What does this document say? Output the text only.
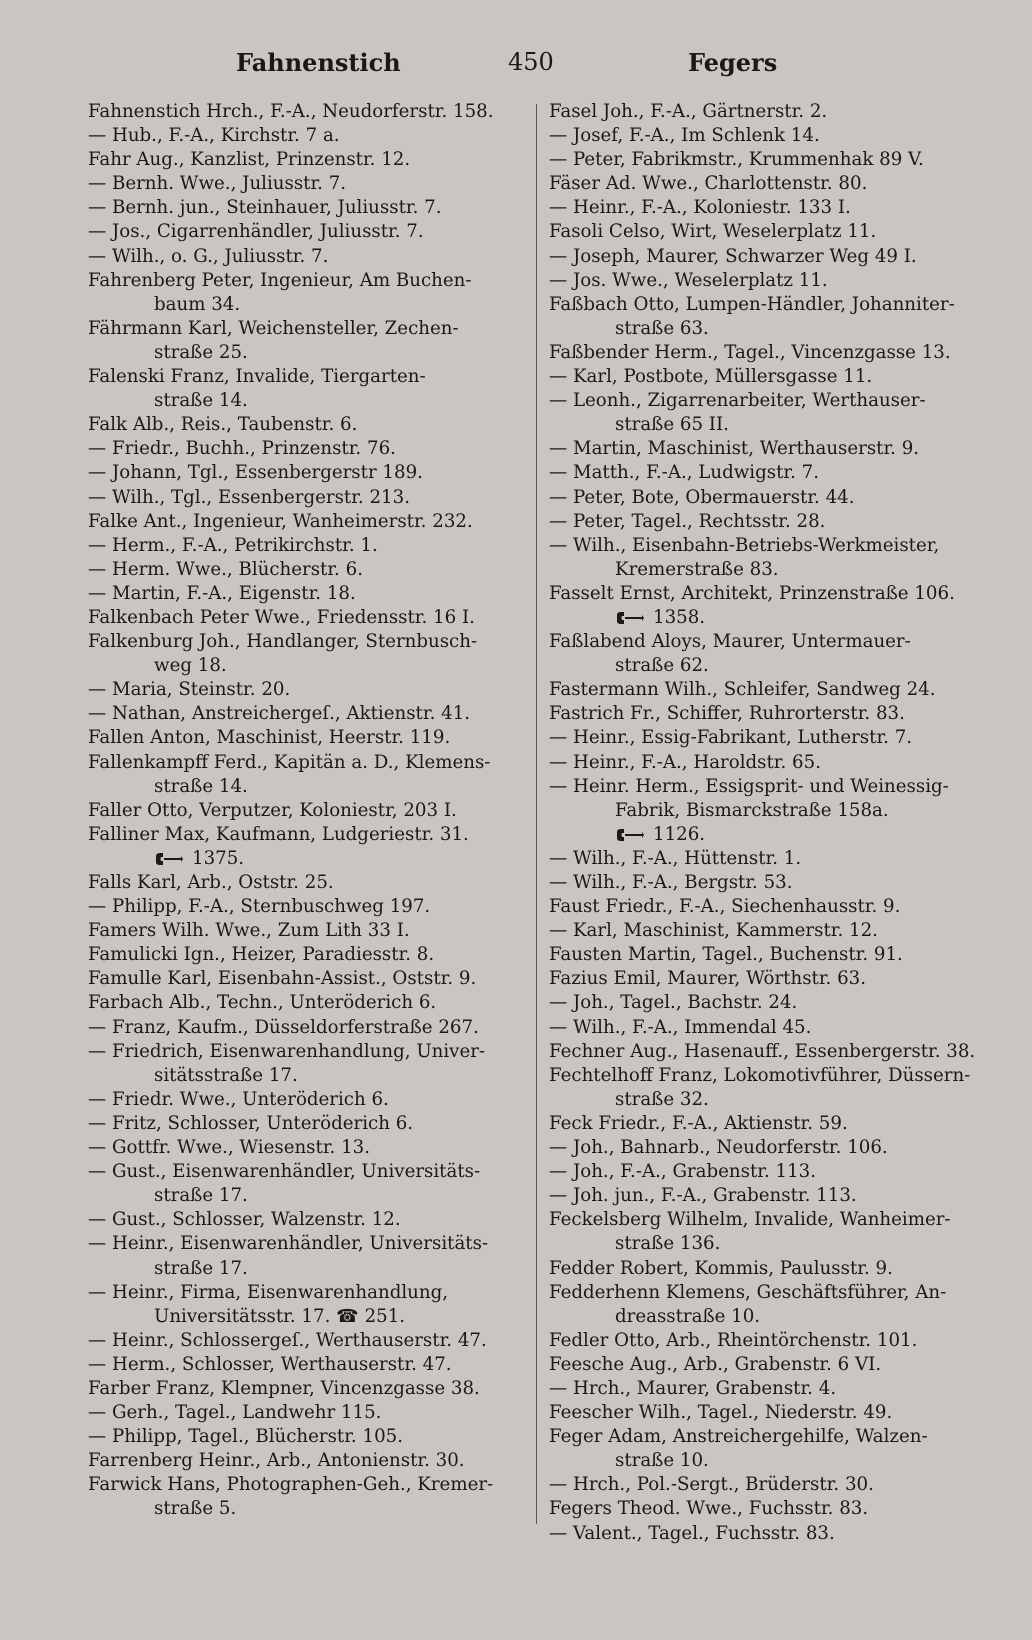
Fahnenstich	450	Fegers
Fahnenstich Hrch., F.-A., Neudorferstr. 158.
— Hub., F.-A., Kirchstr. 7 a.
Fahr Aug., Kanzlist, Prinzenstr. 12.
— Bernh. Wwe., Juliusstr. 7.
— Bernh. jun., Steinhauer, Juliusstr. 7.
— Jos., Cigarrenhändler, Juliusstr. 7.
— Wilh., o. G., Juliusstr. 7.
Fahrenberg Peter, Ingenieur, Am Buchen-
baum 34.
Fährmann Karl, Weichensteller, Zechen-
straße 25.
Falenski Franz, Invalide, Tiergarten-
straße 14.
Falk Alb., Reis., Taubenstr. 6.
— Friedr., Buchh., Prinzenstr. 76.
— Johann, Tgl., Essenbergerstr 189.
— Wilh., Tgl., Essenbergerstr. 213.
Falke Ant., Ingenieur, Wanheimerstr. 232.
— Herm., F.-A., Petrikirchstr. 1.
— Herm. Wwe., Blücherstr. 6.
— Martin, F.-A., Eigenstr. 18.
Falkenbach Peter Wwe., Friedensstr. 16 I.
Falkenburg Joh., Handlanger, Sternbusch-
weg 18.
— Maria, Steinstr. 20.
— Nathan, Anstreichergeſ., Aktienstr. 41.
Fallen Anton, Maschinist, Heerstr. 119.
Fallenkampff Ferd., Kapitän a. D., Klemens-
straße 14.
Faller Otto, Verputzer, Koloniestr, 203 I.
Falliner Max, Kaufmann, Ludgeriestr. 31.
1375.
Falls Karl, Arb., Oststr. 25.
— Philipp, F.-A., Sternbuschweg 197.
Famers Wilh. Wwe., Zum Lith 33 I.
Famulicki Ign., Heizer, Paradiesstr. 8.
Famulle Karl, Eisenbahn-Assist., Oststr. 9.
Farbach Alb., Techn., Unteröderich 6.
— Franz, Kaufm., Düsseldorferstraße 267.
— Friedrich, Eisenwarenhandlung, Univer-
sitätsstraße 17.
— Friedr. Wwe., Unteröderich 6.
— Fritz, Schlosser, Unteröderich 6.
— Gottfr. Wwe., Wiesenstr. 13.
— Gust., Eisenwarenhändler, Universitäts-
straße 17.
— Gust., Schlosser, Walzenstr. 12.
— Heinr., Eisenwarenhändler, Universitäts-
straße 17.
— Heinr., Firma, Eisenwarenhandlung,
Universitätsstr. 17. ☎ 251.
— Heinr., Schlossergeſ., Werthauserstr. 47.
— Herm., Schlosser, Werthauserstr. 47.
Farber Franz, Klempner, Vincenzgasse 38.
— Gerh., Tagel., Landwehr 115.
— Philipp, Tagel., Blücherstr. 105.
Farrenberg Heinr., Arb., Antonienstr. 30.
Farwick Hans, Photographen-Geh., Kremer-
straße 5.
Fasel Joh., F.-A., Gärtnerstr. 2.
— Josef, F.-A., Im Schlenk 14.
— Peter, Fabrikmstr., Krummenhak 89 V.
Fäser Ad. Wwe., Charlottenstr. 80.
— Heinr., F.-A., Koloniestr. 133 I.
Fasoli Celso, Wirt, Weselerplatz 11.
— Joseph, Maurer, Schwarzer Weg 49 I.
— Jos. Wwe., Weselerplatz 11.
Faßbach Otto, Lumpen-Händler, Johanniter-
straße 63.
Faßbender Herm., Tagel., Vincenzgasse 13.
— Karl, Postbote, Müllersgasse 11.
— Leonh., Zigarrenarbeiter, Werthauser-
straße 65 II.
— Martin, Maschinist, Werthauserstr. 9.
— Matth., F.-A., Ludwigstr. 7.
— Peter, Bote, Obermauerstr. 44.
— Peter, Tagel., Rechtsstr. 28.
— Wilh., Eisenbahn-Betriebs-Werkmeister,
Kremerstraße 83.
Fasselt Ernst, Architekt, Prinzenstraße 106.
1358.
Faßlabend Aloys, Maurer, Untermauer-
straße 62.
Fastermann Wilh., Schleifer, Sandweg 24.
Fastrich Fr., Schiffer, Ruhrorterstr. 83.
— Heinr., Essig-Fabrikant, Lutherstr. 7.
— Heinr., F.-A., Haroldstr. 65.
— Heinr. Herm., Essigsprit- und Weinessig-
Fabrik, Bismarckstraße 158a.
1126.
— Wilh., F.-A., Hüttenstr. 1.
— Wilh., F.-A., Bergstr. 53.
Faust Friedr., F.-A., Siechenhausstr. 9.
— Karl, Maschinist, Kammerstr. 12.
Fausten Martin, Tagel., Buchenstr. 91.
Fazius Emil, Maurer, Wörthstr. 63.
— Joh., Tagel., Bachstr. 24.
— Wilh., F.-A., Immendal 45.
Fechner Aug., Hasenauff., Essenbergerstr. 38.
Fechtelhoff Franz, Lokomotivführer, Düssern-
straße 32.
Feck Friedr., F.-A., Aktienstr. 59.
— Joh., Bahnarb., Neudorferstr. 106.
— Joh., F.-A., Grabenstr. 113.
— Joh. jun., F.-A., Grabenstr. 113.
Feckelsberg Wilhelm, Invalide, Wanheimer-
straße 136.
Fedder Robert, Kommis, Paulusstr. 9.
Fedderhenn Klemens, Geschäftsführer, An-
dreasstraße 10.
Fedler Otto, Arb., Rheintörchenstr. 101.
Feesche Aug., Arb., Grabenstr. 6 VI.
— Hrch., Maurer, Grabenstr. 4.
Feescher Wilh., Tagel., Niederstr. 49.
Feger Adam, Anstreichergehilfe, Walzen-
straße 10.
— Hrch., Pol.-Sergt., Brüderstr. 30.
Fegers Theod. Wwe., Fuchsstr. 83.
— Valent., Tagel., Fuchsstr. 83.
